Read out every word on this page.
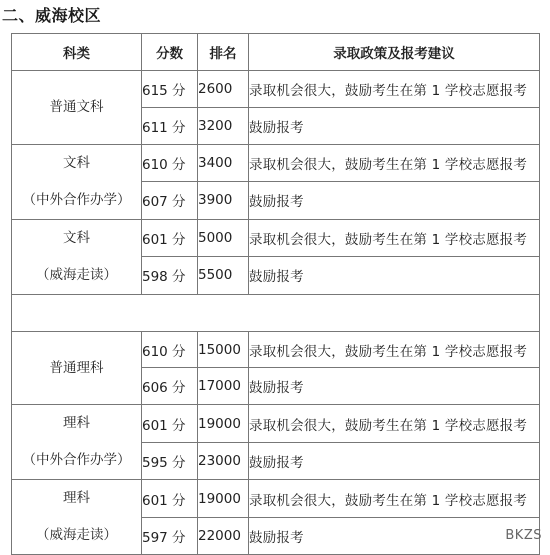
二、威海校区
科类	分数	排名	录取政策及报考建议
普通文科	615 分	2600	录取机会很大，鼓励考生在第 1 学校志愿报考
	611 分	3200	鼓励报考

文科
（中外合作办学）	610 分	3400	录取机会很大，鼓励考生在第 1 学校志愿报考
	607 分	3900	鼓励报考

文科
（威海走读）	601 分	5000	录取机会很大，鼓励考生在第 1 学校志愿报考
	598 分	5500	鼓励报考

普通理科	610 分	15000	录取机会很大，鼓励考生在第 1 学校志愿报考
	606 分	17000	鼓励报考

理科
（中外合作办学）	601 分	19000	录取机会很大，鼓励考生在第 1 学校志愿报考
	595 分	23000	鼓励报考

理科
（威海走读）	601 分	19000	录取机会很大，鼓励考生在第 1 学校志愿报考
	597 分	22000	鼓励报考	BKZS
